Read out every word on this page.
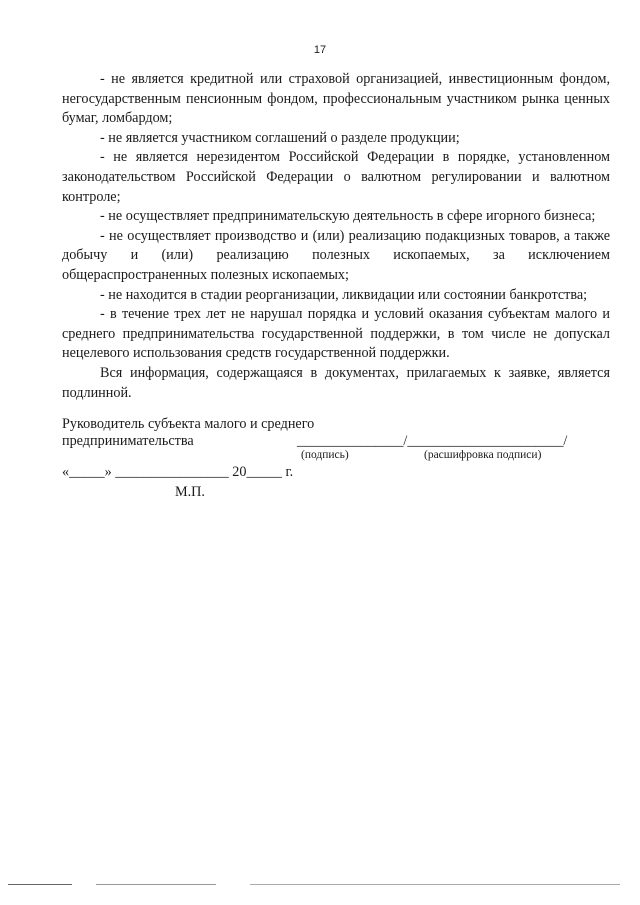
17

- не является кредитной или страховой организацией, инвестиционным фондом, негосударственным пенсионным фондом, профессиональным участником рынка ценных бумаг, ломбардом;

- не является участником соглашений о разделе продукции;

- не является нерезидентом Российской Федерации в порядке, установленном законодательством Российской Федерации о валютном регулировании и валютном контроле;

- не осуществляет предпринимательскую деятельность в сфере игорного бизнеса;

- не осуществляет производство и (или) реализацию подакцизных товаров, а также добычу и (или) реализацию полезных ископаемых, за исключением общераспространенных полезных ископаемых;

- не находится в стадии реорганизации, ликвидации или состоянии банкротства;

- в течение трех лет не нарушал порядка и условий оказания субъектам малого и среднего предпринимательства государственной поддержки, в том числе не допускал нецелевого использования средств государственной поддержки.

Вся информация, содержащаяся в документах, прилагаемых к заявке, является подлинной.

Руководитель субъекта малого и среднего
предпринимательства	_______________/______________________/
(подпись)	(расшифровка подписи)
«_____» ________________ 20_____ г.
М.П.
